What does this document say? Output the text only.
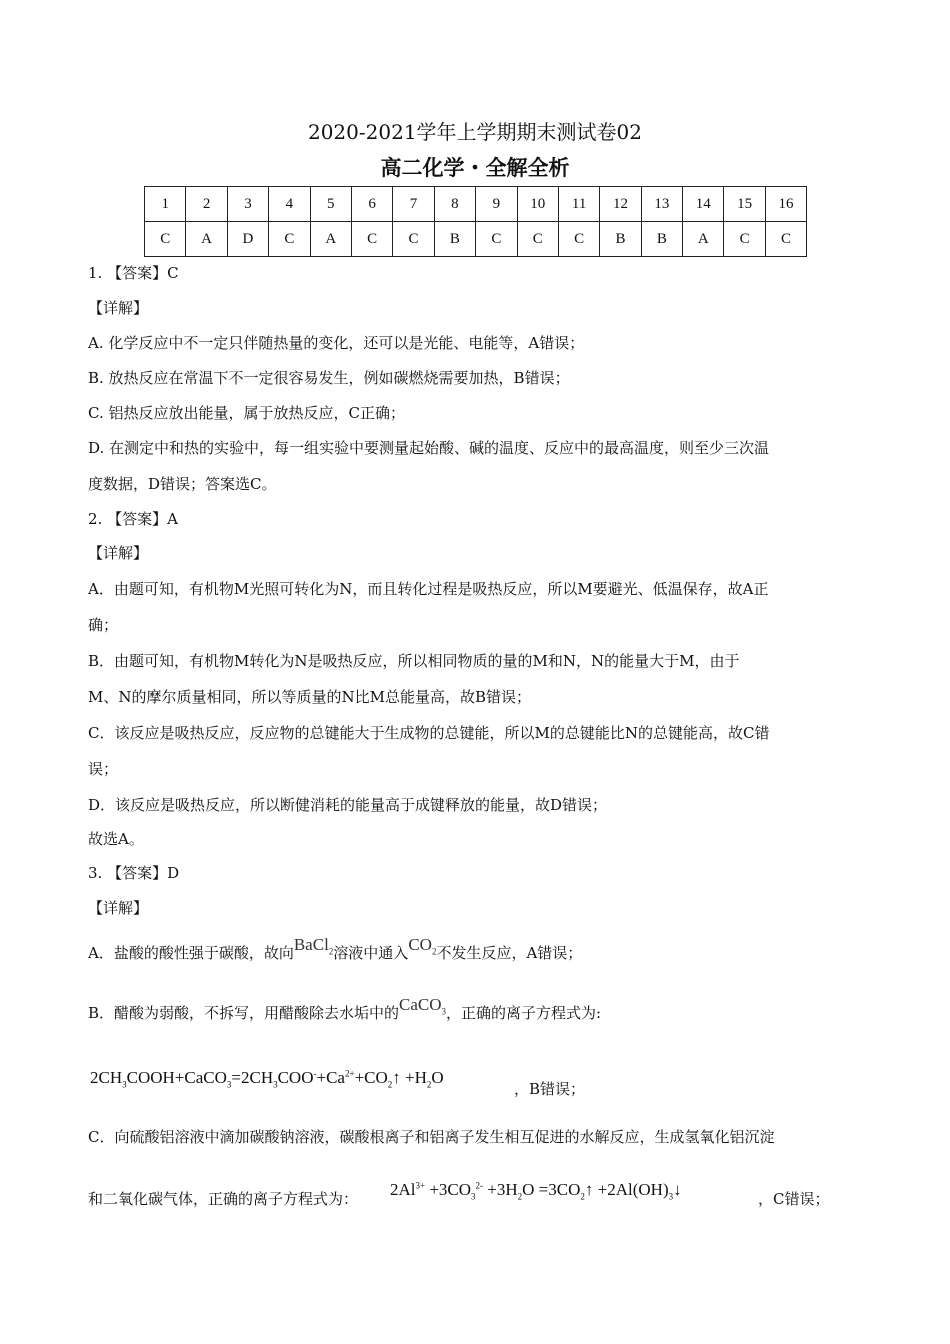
2020-2021学年上学期期末测试卷02
高二化学・全解全析
1	2	3	4	5	6	7	8	9	10	11	12	13	14	15	16
C	A	D	C	A	C	C	B	C	C	C	B	B	A	C	C
1. 【答案】C
【详解】
A. 化学反应中不一定只伴随热量的变化，还可以是光能、电能等，A错误；
B. 放热反应在常温下不一定很容易发生，例如碳燃烧需要加热，B错误；
C. 铝热反应放出能量，属于放热反应，C正确；
D. 在测定中和热的实验中，每一组实验中要测量起始酸、碱的温度、反应中的最高温度，则至少三次温
度数据，D错误；答案选C。
2. 【答案】A
【详解】
A．由题可知，有机物M光照可转化为N，而且转化过程是吸热反应，所以M要避光、低温保存，故A正
确；
B．由题可知，有机物M转化为N是吸热反应，所以相同物质的量的M和N，N的能量大于M，由于
M、N的摩尔质量相同，所以等质量的N比M总能量高，故B错误；
C．该反应是吸热反应，反应物的总键能大于生成物的总键能，所以M的总键能比N的总键能高，故C错
误；
D．该反应是吸热反应，所以断健消耗的能量高于成键释放的能量，故D错误；
故选A。
3. 【答案】D
【详解】
A．盐酸的酸性强于碳酸，故向BaCl$_2$溶液中通入$CO_2$不发生反应，A错误；
B．醋酸为弱酸，不拆写，用醋酸除去水垢中的CaCO$_3$，正确的离子方程式为:
$2CH_3COOH+CaCO_3=2CH_3COO^-+Ca^{2+}+CO_2↑ +H_2O$
，B错误；
C．向硫酸铝溶液中滴加碳酸钠溶液，碳酸根离子和铝离子发生相互促进的水解反应，生成氢氧化铝沉淀
和二氧化碳气体，正确的离子方程式为： $2Al^{3+} +3CO_3^{2-} +3H_2O$ $=3CO_2↑$ $+2Al(OH)_3↓$	，C错误；
